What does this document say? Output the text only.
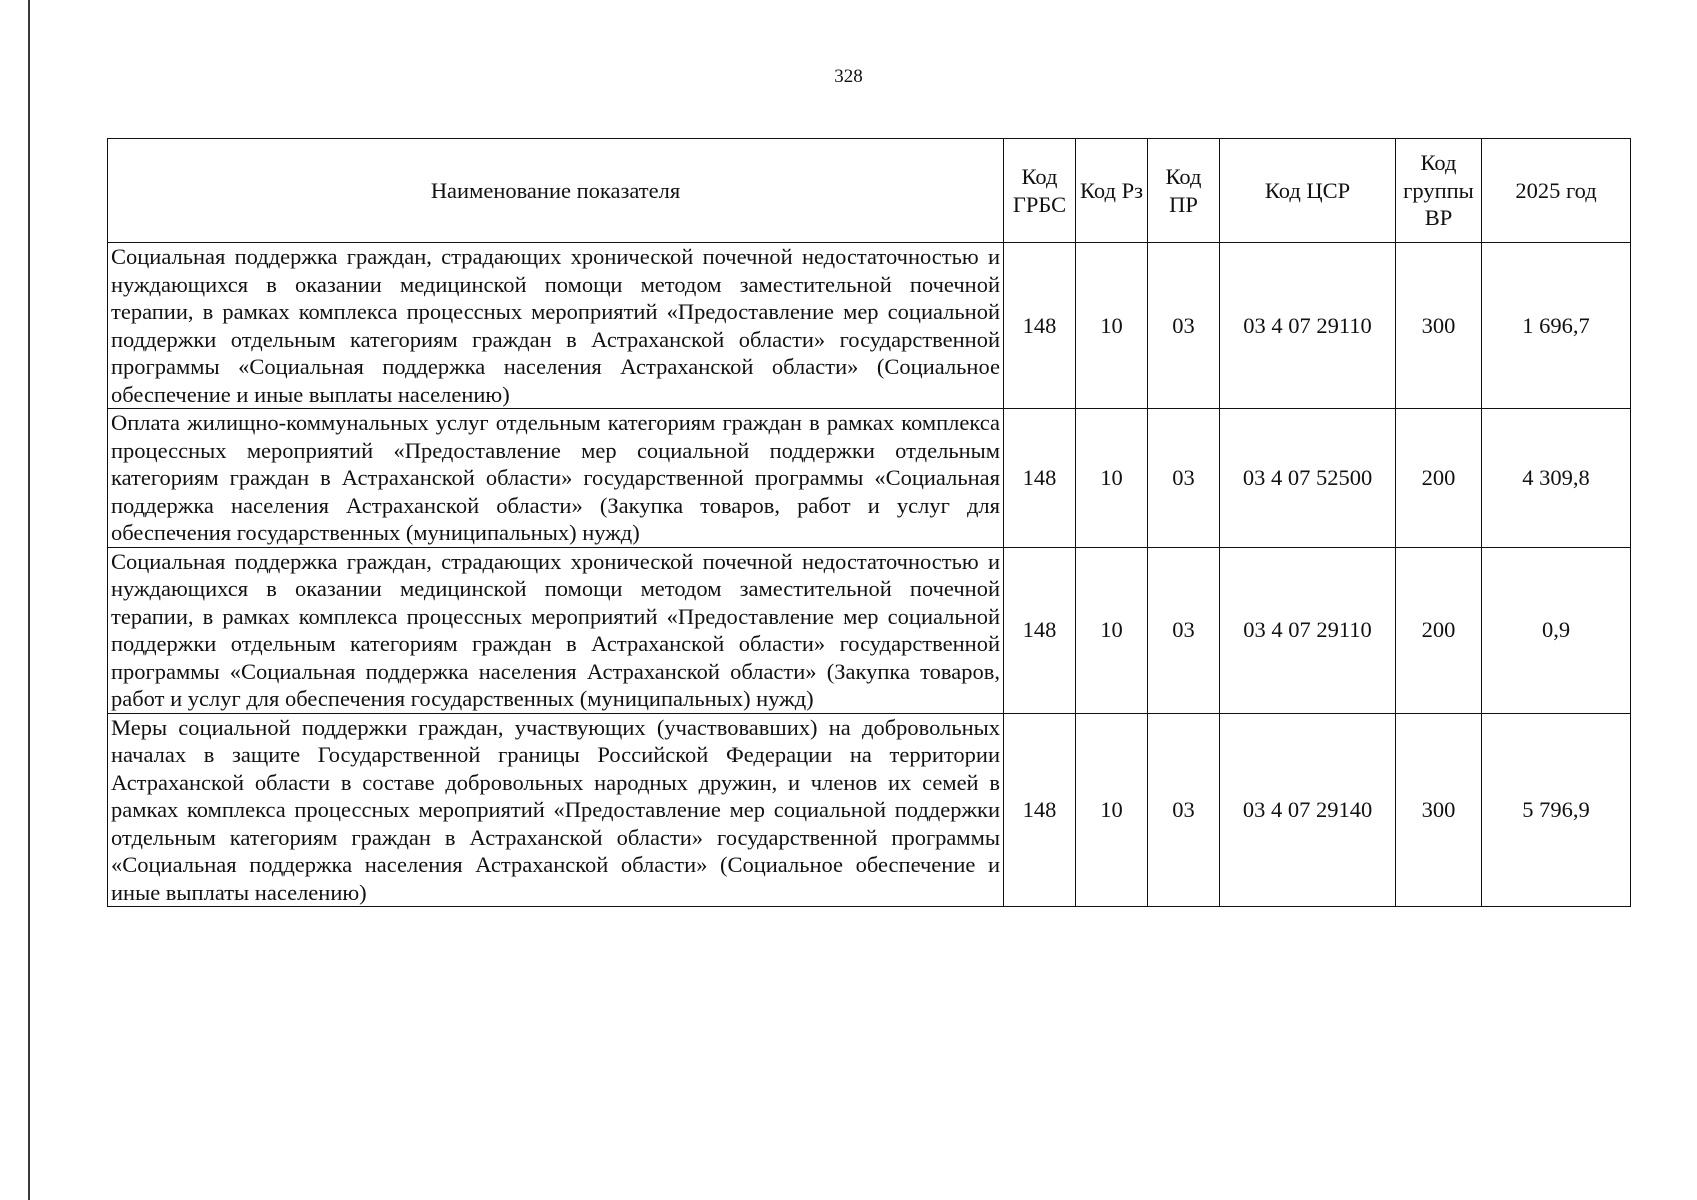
328
Наименование показателя	Код ГРБС	Код Рз	Код ПР	Код ЦСР	Код группы ВР	2025 год
Социальная поддержка граждан, страдающих хронической почечной недостаточностью и нуждающихся в оказании медицинской помощи методом заместительной почечной терапии, в рамках комплекса процессных мероприятий «Предоставление мер социальной поддержки отдельным категориям граждан в Астраханской области» государственной программы «Социальная поддержка населения Астраханской области» (Социальное обеспечение и иные выплаты населению)	148	10	03	03 4 07 29110	300	1 696,7
Оплата жилищно-коммунальных услуг отдельным категориям граждан в рамках комплекса процессных мероприятий «Предоставление мер социальной поддержки отдельным категориям граждан в Астраханской области» государственной программы «Социальная поддержка населения Астраханской области» (Закупка товаров, работ и услуг для обеспечения государственных (муниципальных) нужд)	148	10	03	03 4 07 52500	200	4 309,8
Социальная поддержка граждан, страдающих хронической почечной недостаточностью и нуждающихся в оказании медицинской помощи методом заместительной почечной терапии, в рамках комплекса процессных мероприятий «Предоставление мер социальной поддержки отдельным категориям граждан в Астраханской области» государственной программы «Социальная поддержка населения Астраханской области» (Закупка товаров, работ и услуг для обеспечения государственных (муниципальных) нужд)	148	10	03	03 4 07 29110	200	0,9
Меры социальной поддержки граждан, участвующих (участвовавших) на добровольных началах в защите Государственной границы Российской Федерации на территории Астраханской области в составе добровольных народных дружин, и членов их семей в рамках комплекса процессных мероприятий «Предоставление мер социальной поддержки отдельным категориям граждан в Астраханской области» государственной программы «Социальная поддержка населения Астраханской области» (Социальное обеспечение и иные выплаты населению)	148	10	03	03 4 07 29140	300	5 796,9
